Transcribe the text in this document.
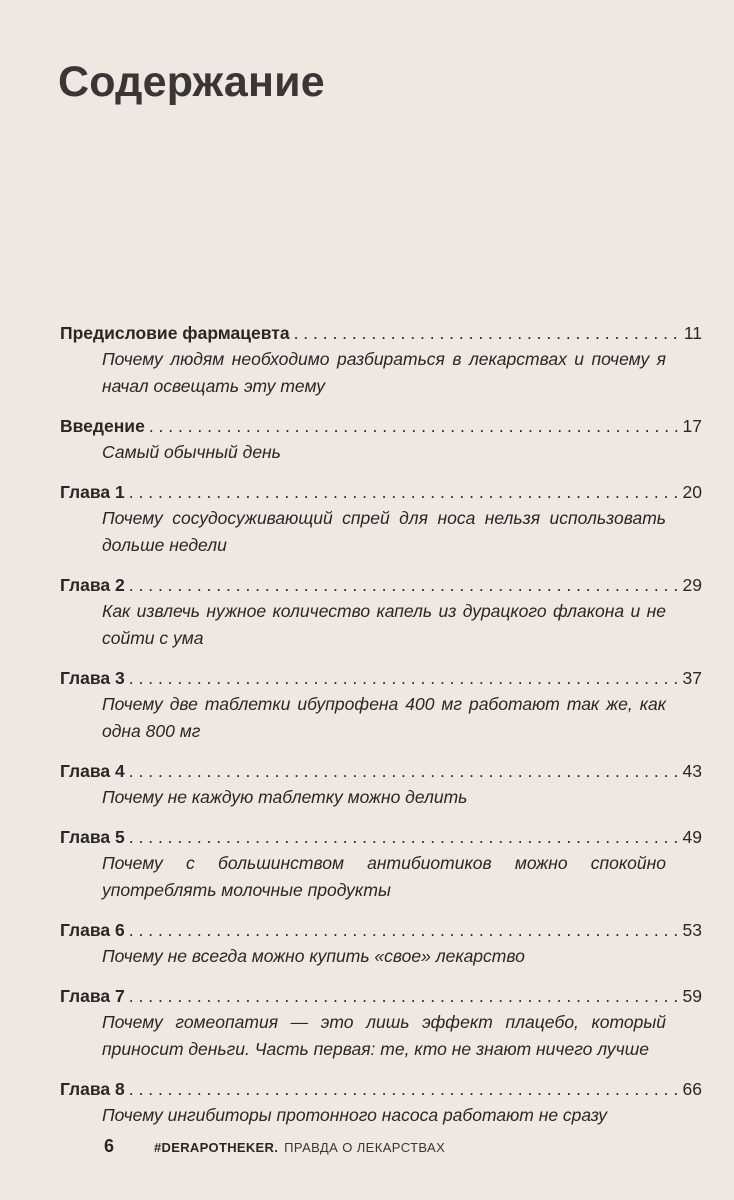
Содержание
Предисловие фармацевта . . .	11
Почему людям необходимо разбираться в лекарствах и почему я начал освещать эту тему
Введение . . .	17
Самый обычный день
Глава 1 . . .	20
Почему сосудосуживающий спрей для носа нельзя использовать дольше недели
Глава 2 . . .	29
Как извлечь нужное количество капель из дурацкого флакона и не сойти с ума
Глава 3 . . .	37
Почему две таблетки ибупрофена 400 мг работают так же, как одна 800 мг
Глава 4 . . .	43
Почему не каждую таблетку можно делить
Глава 5 . . .	49
Почему с большинством антибиотиков можно спокойно употреблять молочные продукты
Глава 6 . . .	53
Почему не всегда можно купить «свое» лекарство
Глава 7 . . .	59
Почему гомеопатия — это лишь эффект плацебо, который приносит деньги. Часть первая: те, кто не знают ничего лучше
Глава 8 . . .	66
Почему ингибиторы протонного насоса работают не сразу
6	#DERAPOTHEKER. ПРАВДА О ЛЕКАРСТВАХ
